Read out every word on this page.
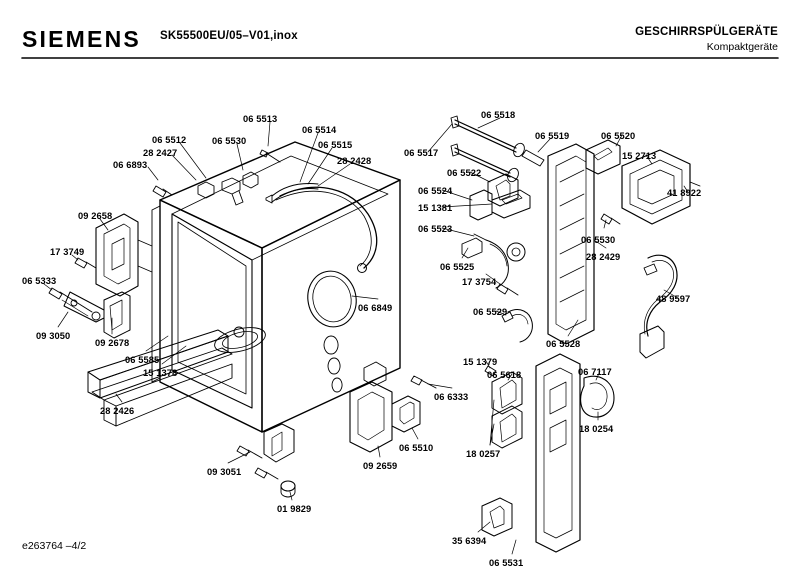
SIEMENS SK55500EU/05–V01,inox	GESCHIRRSPÜLGERÄTE
Kompaktgeräte
e263764 –4/2
06 6893
28 2427
06 5512	06 5530
06 5513
06 5514
06 5515
28 2428
09 2658
17 3749
06 5333
09 3050
09 2678
06 5585
15 1378
28 2426
09 3051
01 9829
09 2659
06 5510
06 6333
06 6849
06 5517
06 5518
06 5519	06 5520
15 2713
41 8922
06 5522
06 5524
15 1381
06 5523
06 5525
17 3754
06 5529
06 5528
06 5530
28 2429
48 9597
15 1379
06 5618	06 7117
18 0254
18 0257
35 6394
06 5531
